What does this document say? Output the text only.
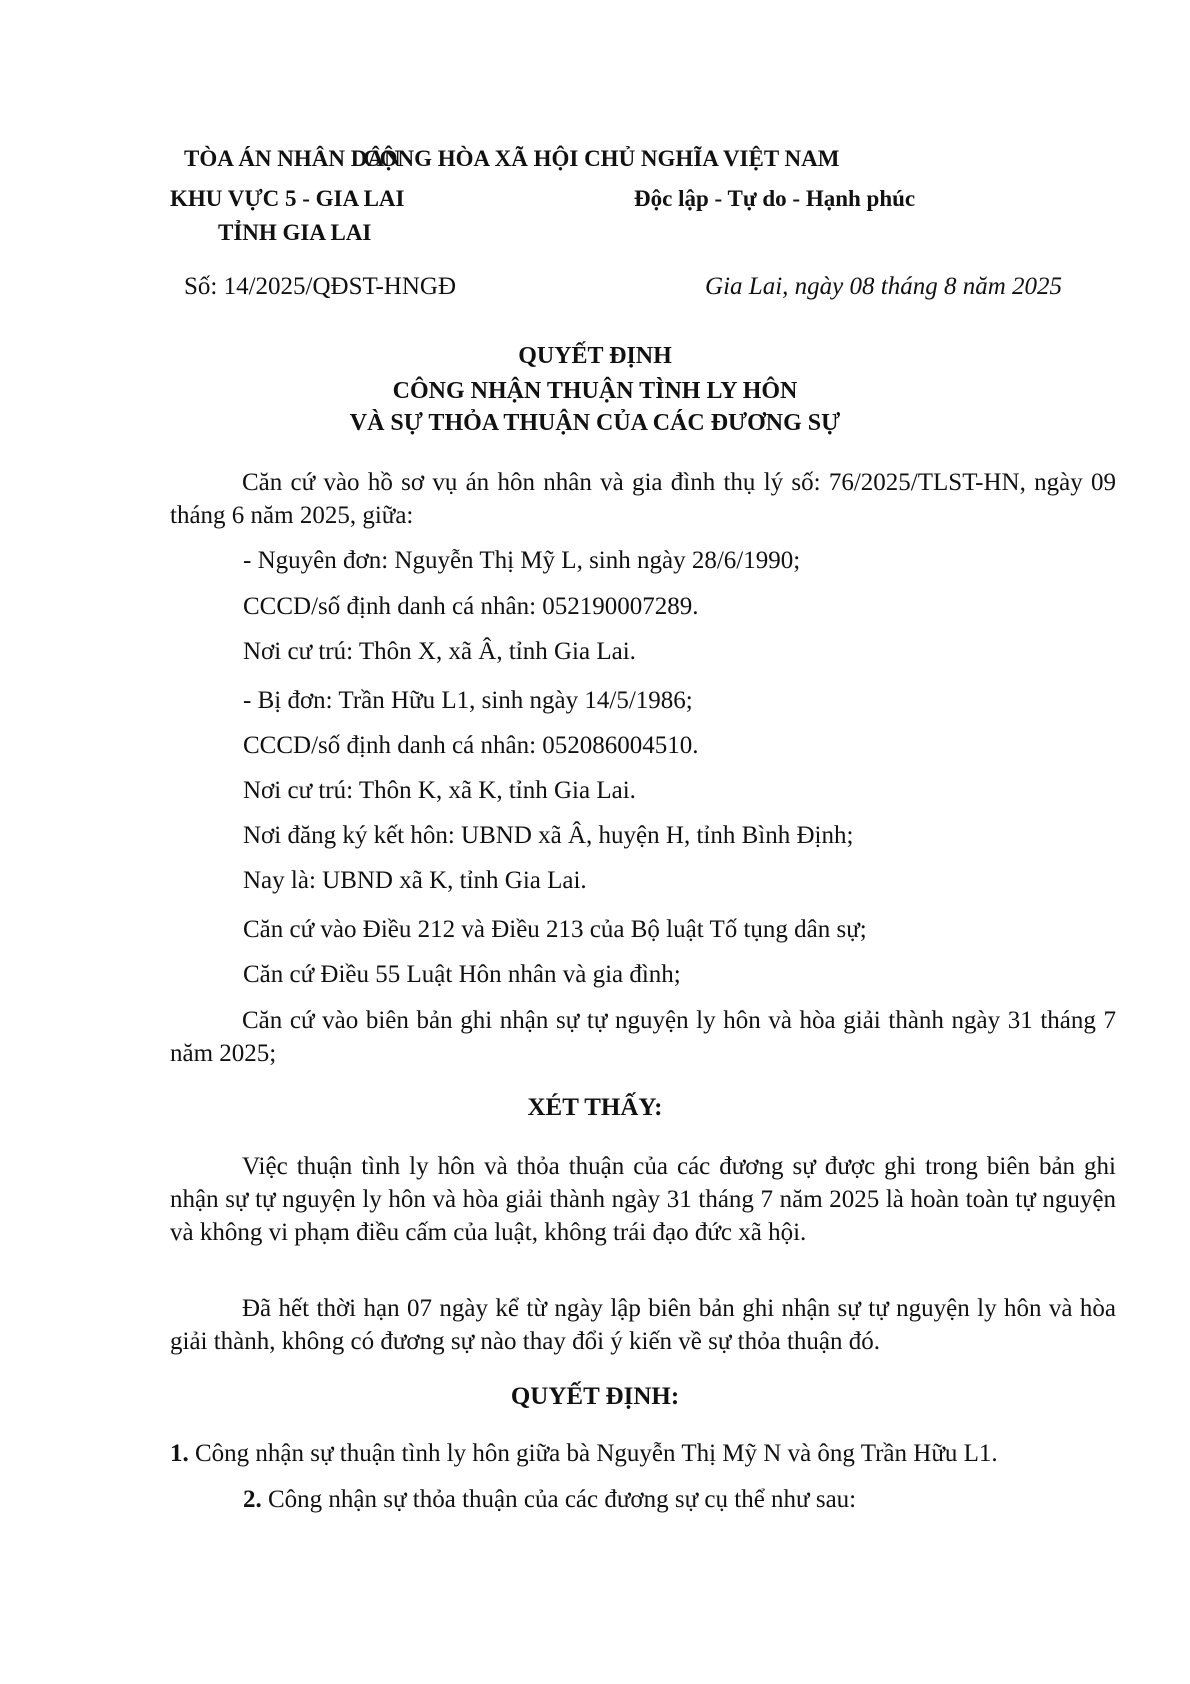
TÒA ÁN NHÂN DÂN
CỘNG HÒA XÃ HỘI CHỦ NGHĨA VIỆT NAM
KHU VỰC 5 - GIA LAI	Độc lập - Tự do - Hạnh phúc
TỈNH GIA LAI
Số: 14/2025/QĐST-HNGĐ	Gia Lai, ngày 08 tháng 8 năm 2025
QUYẾT ĐỊNH
CÔNG NHẬN THUẬN TÌNH LY HÔN
VÀ SỰ THỎA THUẬN CỦA CÁC ĐƯƠNG SỰ
Căn cứ vào hồ sơ vụ án hôn nhân và gia đình thụ lý số: 76/2025/TLST-HN, ngày 09 tháng 6 năm 2025, giữa:
- Nguyên đơn: Nguyễn Thị Mỹ L, sinh ngày 28/6/1990;
CCCD/số định danh cá nhân: 052190007289.
Nơi cư trú: Thôn X, xã Â, tỉnh Gia Lai.
- Bị đơn: Trần Hữu L1, sinh ngày 14/5/1986;
CCCD/số định danh cá nhân: 052086004510.
Nơi cư trú: Thôn K, xã K, tỉnh Gia Lai.
Nơi đăng ký kết hôn: UBND xã Â, huyện H, tỉnh Bình Định;
Nay là: UBND xã K, tỉnh Gia Lai.
Căn cứ vào Điều 212 và Điều 213 của Bộ luật Tố tụng dân sự;
Căn cứ Điều 55 Luật Hôn nhân và gia đình;
Căn cứ vào biên bản ghi nhận sự tự nguyện ly hôn và hòa giải thành ngày 31 tháng 7 năm 2025;
XÉT THẤY:
Việc thuận tình ly hôn và thỏa thuận của các đương sự được ghi trong biên bản ghi nhận sự tự nguyện ly hôn và hòa giải thành ngày 31 tháng 7 năm 2025 là hoàn toàn tự nguyện và không vi phạm điều cấm của luật, không trái đạo đức xã hội.
Đã hết thời hạn 07 ngày kể từ ngày lập biên bản ghi nhận sự tự nguyện ly hôn và hòa giải thành, không có đương sự nào thay đổi ý kiến về sự thỏa thuận đó.
QUYẾT ĐỊNH:
1. Công nhận sự thuận tình ly hôn giữa bà Nguyễn Thị Mỹ N và ông Trần Hữu L1.
2. Công nhận sự thỏa thuận của các đương sự cụ thể như sau:
